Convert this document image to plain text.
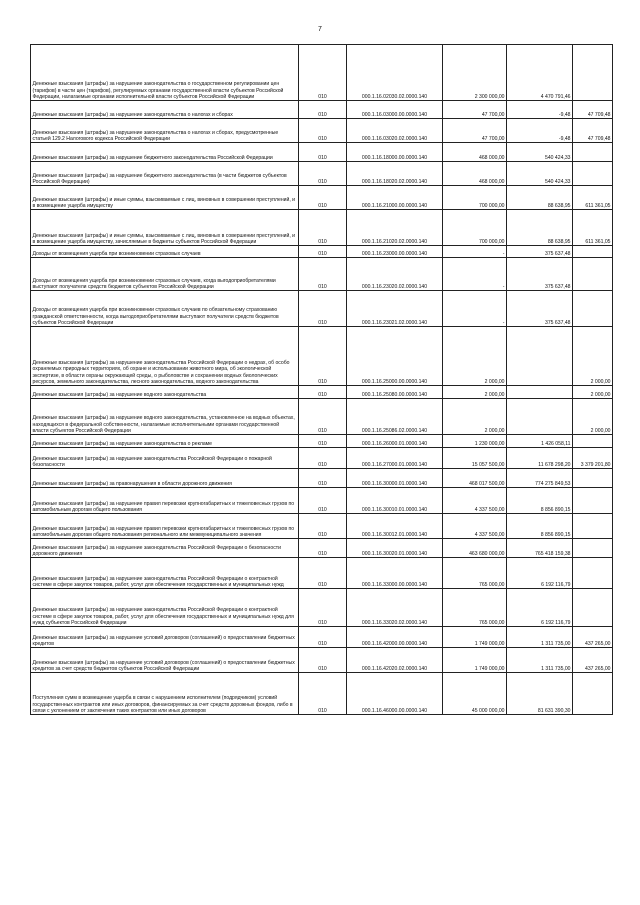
7
Денежные взыскания (штрафы) за нарушение законодательства о государственном регулировании цен (тарифов) в части цен (тарифов), регулируемых органами государственной власти субъектов Российской Федерации, налагаемые органами исполнительной власти субъектов Российской Федерации	010	000.1.16.02030.02.0000.140	2 300 000,00	4 470 791,46	
Денежные взыскания (штрафы) за нарушение законодательства о налогах и сборах	010	000.1.16.03000.00.0000.140	47 700,00	-9,48	47 709,48
Денежные взыскания (штрафы) за нарушение законодательства о налогах и сборах, предусмотренные статьей 129.2 Налогового кодекса Российской Федерации	010	000.1.16.03020.02.0000.140	47 700,00	-9,48	47 709,48
Денежные взыскания (штрафы) за нарушение бюджетного законодательства Российской Федерации	010	000.1.16.18000.00.0000.140	468 000,00	540 424,33	
Денежные взыскания (штрафы) за нарушение бюджетного законодательства (в части бюджетов субъектов Российской Федерации)	010	000.1.16.18020.02.0000.140	468 000,00	540 424,33	
Денежные взыскания (штрафы) и иные суммы, взыскиваемые с лиц, виновных в совершении преступлений, и в возмещение ущерба имуществу	010	000.1.16.21000.00.0000.140	700 000,00	88 638,95	611 361,05
Денежные взыскания (штрафы) и иные суммы, взыскиваемые с лиц, виновных в совершении преступлений, и в возмещение ущерба имуществу, зачисляемые в бюджеты субъектов Российской Федерации	010	000.1.16.21020.02.0000.140	700 000,00	88 638,95	611 361,05
Доходы от возмещения ущерба при возникновении страховых случаев	010	000.1.16.23000.00.0000.140	-	375 637,48	
Доходы от возмещения ущерба при возникновении страховых случаев, когда выгодоприобретателями выступают получатели средств бюджетов субъектов Российской Федерации	010	000.1.16.23020.02.0000.140	-	375 637,48	
Доходы от возмещения ущерба при возникновении страховых случаев по обязательному страхованию гражданской ответственности, когда выгодоприобретателями выступают получатели средств бюджетов субъектов Российской Федерации	010	000.1.16.23021.02.0000.140	-	375 637,48	
Денежные взыскания (штрафы) за нарушение законодательства Российской Федерации о недрах, об особо охраняемых природных территориях, об охране и использовании животного мира, об экологической экспертизе, в области охраны окружающей среды, о рыболовстве и сохранении водных биологических ресурсов, земельного законодательства, лесного законодательства, водного законодательства	010	000.1.16.25000.00.0000.140	2 000,00		2 000,00
Денежные взыскания (штрафы) за нарушение водного законодательства	010	000.1.16.25080.00.0000.140	2 000,00		2 000,00
Денежные взыскания (штрафы) за нарушение водного законодательства, установленное на водных объектах, находящихся в федеральной собственности, налагаемые исполнительными органами государственной власти субъектов Российской Федерации	010	000.1.16.25086.02.0000.140	2 000,00		2 000,00
Денежные взыскания (штрафы) за нарушение законодательства о рекламе	010	000.1.16.26000.01.0000.140	1 230 000,00	1 426 058,11	
Денежные взыскания (штрафы) за нарушение законодательства Российской Федерации о пожарной безопасности	010	000.1.16.27000.01.0000.140	15 057 500,00	11 678 298,20	3 379 201,80
Денежные взыскания (штрафы) за правонарушения в области дорожного движения	010	000.1.16.30000.01.0000.140	468 017 500,00	774 275 849,53	
Денежные взыскания (штрафы) за нарушение правил перевозки крупногабаритных и тяжеловесных грузов по автомобильным дорогам общего пользования	010	000.1.16.30010.01.0000.140	4 337 500,00	8 856 890,15	
Денежные взыскания (штрафы) за нарушение правил перевозки крупногабаритных и тяжеловесных грузов по автомобильным дорогам общего пользования регионального или межмуниципального значения	010	000.1.16.30012.01.0000.140	4 337 500,00	8 856 890,15	
Денежные взыскания (штрафы) за нарушение законодательства Российской Федерации о безопасности дорожного движения	010	000.1.16.30020.01.0000.140	463 680 000,00	765 418 159,38	
Денежные взыскания (штрафы) за нарушение законодательства Российской Федерации о контрактной системе в сфере закупок товаров, работ, услуг для обеспечения государственных и муниципальных нужд	010	000.1.16.33000.00.0000.140	765 000,00	6 192 116,79	
Денежные взыскания (штрафы) за нарушение законодательства Российской Федерации о контрактной системе в сфере закупок товаров, работ, услуг для обеспечения государственных и муниципальных нужд для нужд субъектов Российской Федерации	010	000.1.16.33020.02.0000.140	765 000,00	6 192 116,79	
Денежные взыскания (штрафы) за нарушение условий договоров (соглашений) о предоставлении бюджетных кредитов	010	000.1.16.42000.00.0000.140	1 749 000,00	1 311 735,00	437 265,00
Денежные взыскания (штрафы) за нарушение условий договоров (соглашений) о предоставлении бюджетных кредитов за счет средств бюджетов субъектов Российской Федерации	010	000.1.16.42020.02.0000.140	1 749 000,00	1 311 735,00	437 265,00
Поступления сумм в возмещение ущерба в связи с нарушением исполнителем (подрядчиком) условий государственных контрактов или иных договоров, финансируемых за счет средств дорожных фондов, либо в связи с уклонением от заключения таких контрактов или иных договоров	010	000.1.16.46000.00.0000.140	45 000 000,00	81 631 390,30	
